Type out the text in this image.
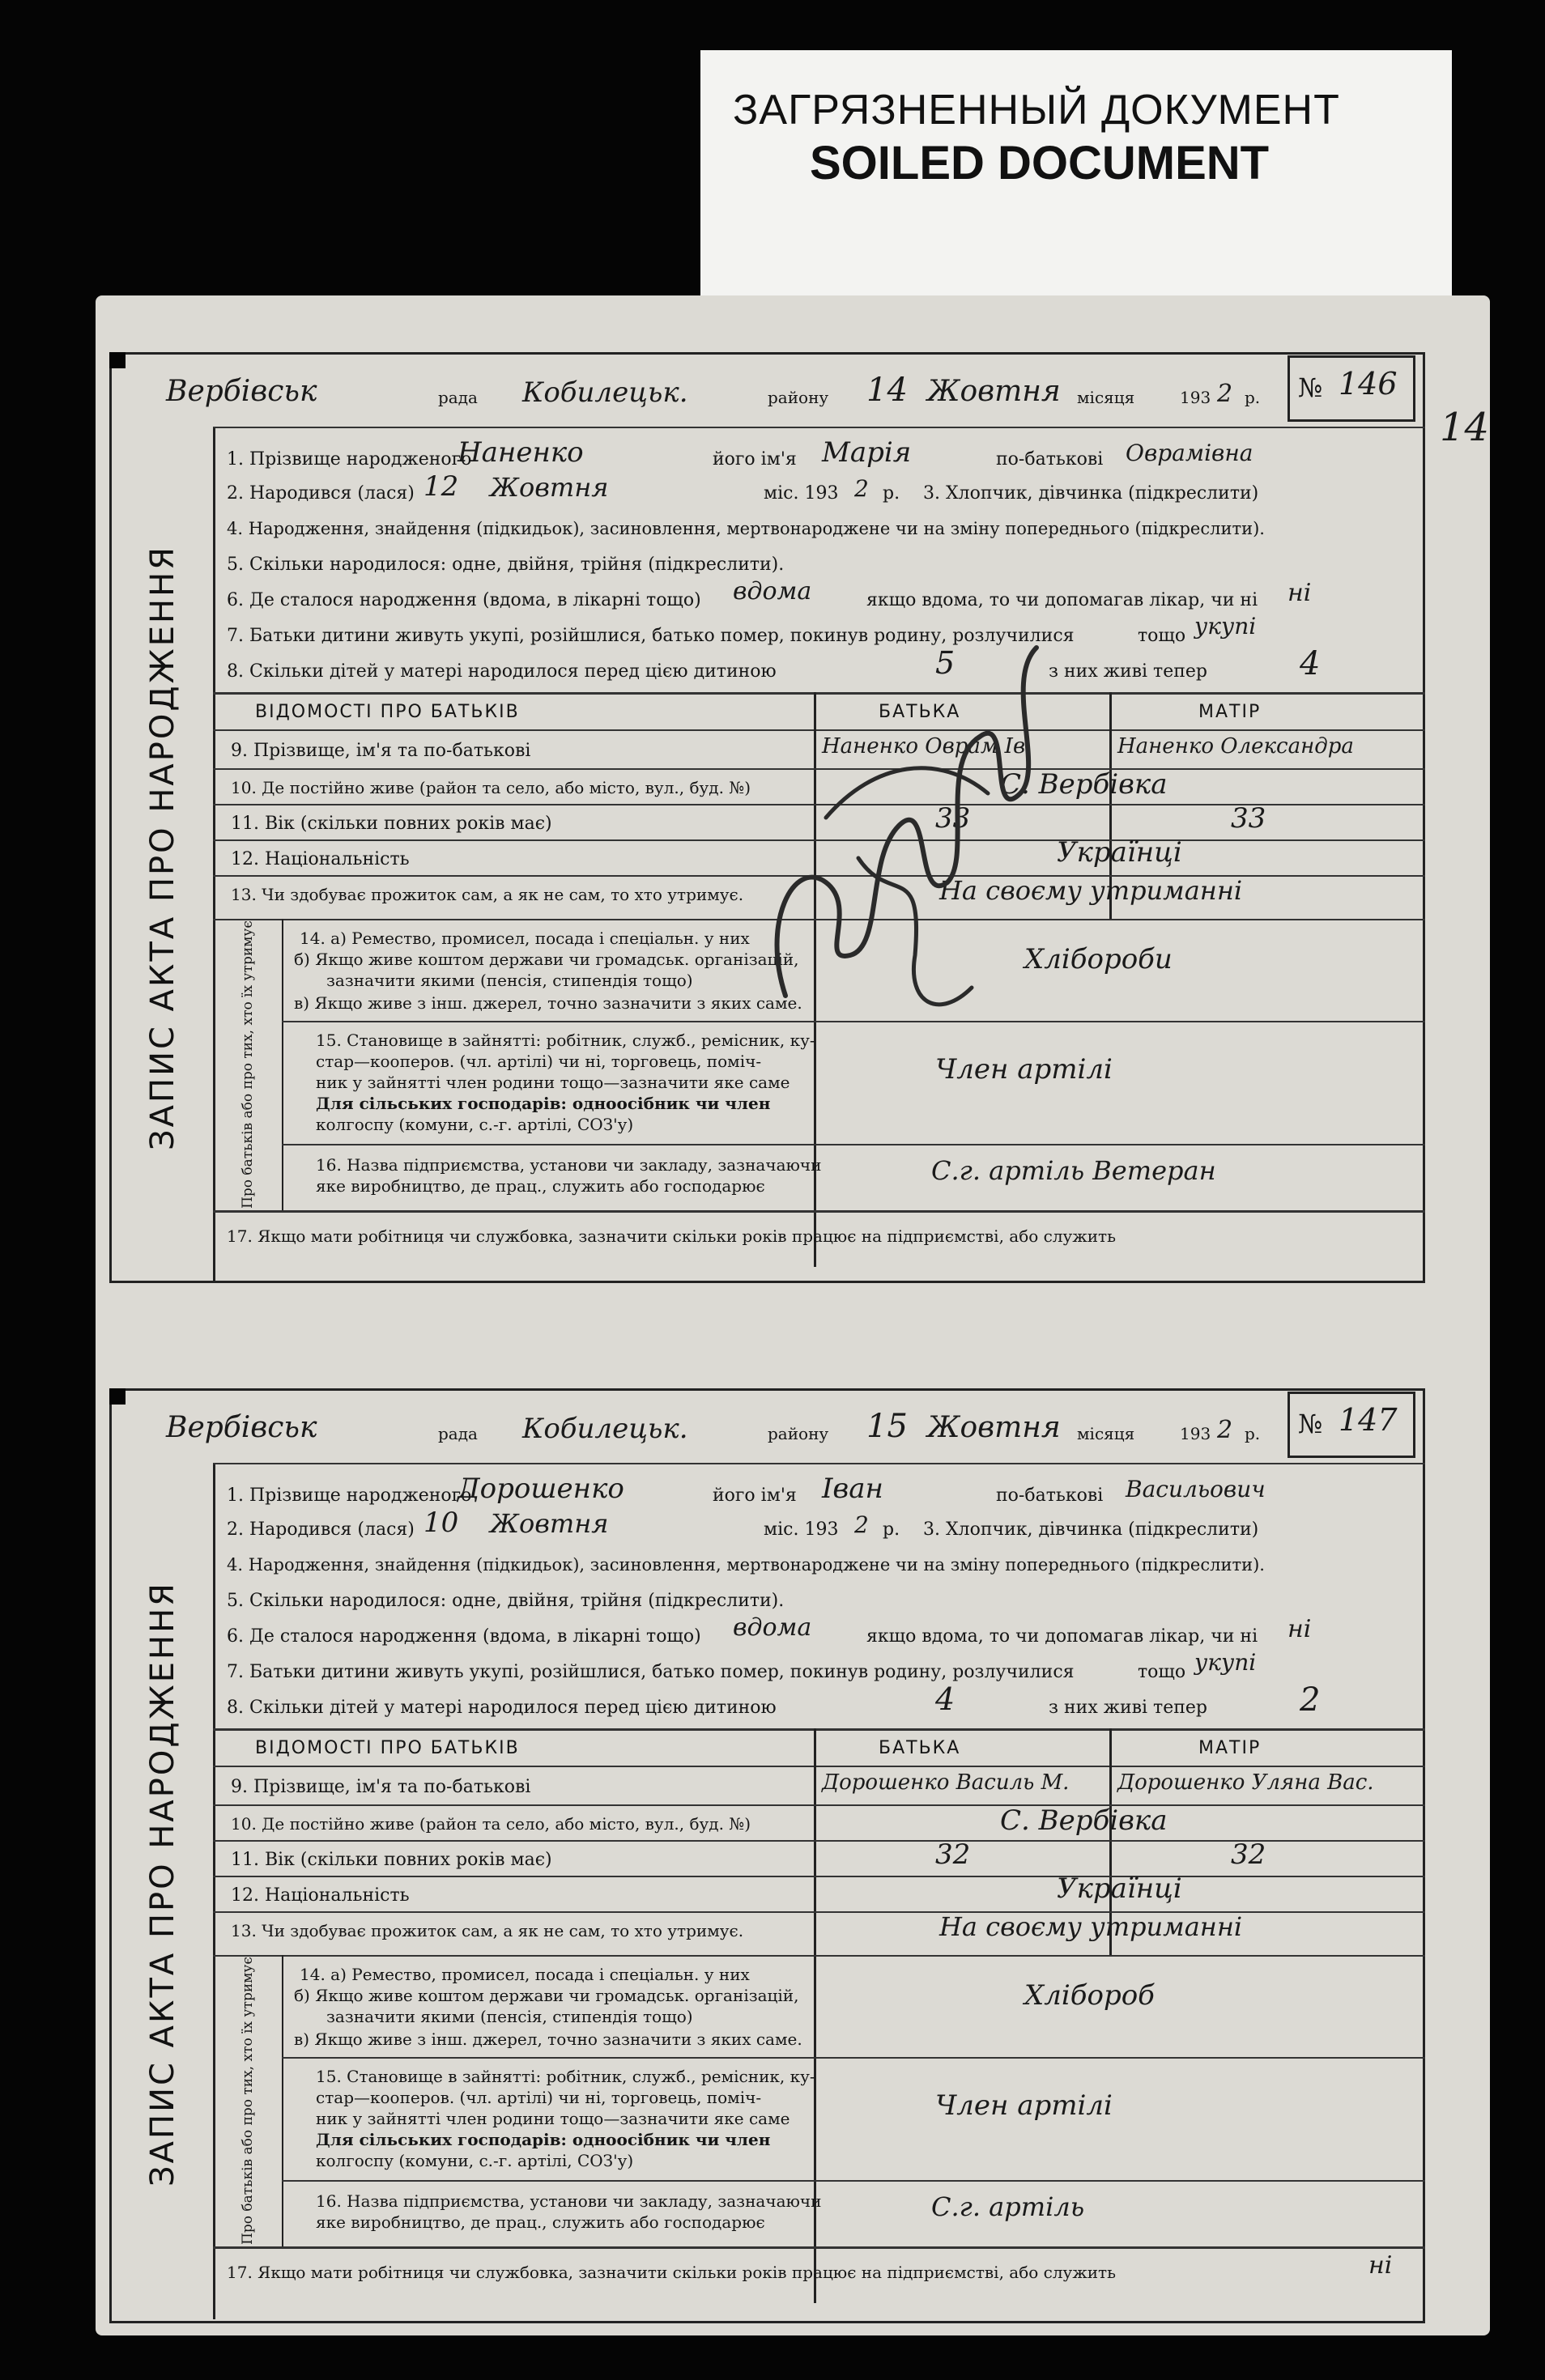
ЗАГРЯЗНЕННЫЙ ДОКУМЕНТ
SOILED DOCUMENT
14
Вербівськ	рада Кобилецьк.	району 14 Жовтня місяця	193 2 р. № 146
ЗАПИС АКТА ПРО НАРОДЖЕННЯ
1. Прізвище народженого
Наненко	його ім'я Марія	по-батькові Оврамівна
2. Народився (лася) 12 Жовтня	міс. 193 2 р. 3. Хлопчик, дівчинка (підкреслити)
4. Народження, знайдення (підкидьок), засиновлення, мертвонароджене чи на зміну попереднього (підкреслити).
5. Скільки народилося: одне, двійня, трійня (підкреслити).
6. Де сталося народження (вдома, в лікарні тощо) вдома	якщо вдома, то чи допомагав лікар, чи ні ні
7. Батьки дитини живуть укупі, розійшлися, батько помер, покинув родину, розлучилися	тощо укупі
8. Скільки дітей у матері народилося перед цією дитиною	5	з них живі тепер	4
ВІДОМОСТІ ПРО БАТЬКІВ	БАТЬКА	МАТІР
9. Прізвище, ім'я та по-батькові	Наненко Оврам Ів.	Наненко Олександра
10. Де постійно живе (район та село, або місто, вул., буд. №)	С. Вербівка
11. Вік (скільки повних років має)	33	33
12. Національність	Українці
13. Чи здобуває прожиток сам, а як не сам, то хто утримує.	На своєму утриманні
Про батьків або про тих, хто їх утримує	14. а) Ремество, промисел, посада і спеціальн. у них
б) Якщо живе коштом держави чи громадськ. організацій,
зазначити якими (пенсія, стипендія тощо)
в) Якщо живе з інш. джерел, точно зазначити з яких саме.
Хлібороби
15. Становище в зайнятті: робітник, служб., ремісник, ку-
стар—кооперов. (чл. артілі) чи ні, торговець, поміч-
ник у зайнятті член родини тощо—зазначити яке саме
Для сільських господарів: одноосібник чи член
колгоспу (комуни, с.-г. артілі, СОЗ'у)
Член артілі
16. Назва підприємства, установи чи закладу, зазначаючи
яке виробництво, де прац., служить або господарює	С.г. артіль Ветеран
17. Якщо мати робітниця чи службовка, зазначити скільки років працює на підприємстві, або служить
Вербівськ	рада Кобилецьк.	району 15 Жовтня місяця	193 2 р. № 147
ЗАПИС АКТА ПРО НАРОДЖЕННЯ
1. Прізвище народженого
Дорошенко	його ім'я Іван	по-батькові Васильович
2. Народився (лася) 10 Жовтня	міс. 193 2 р. 3. Хлопчик, дівчинка (підкреслити)
4. Народження, знайдення (підкидьок), засиновлення, мертвонароджене чи на зміну попереднього (підкреслити).
5. Скільки народилося: одне, двійня, трійня (підкреслити).
6. Де сталося народження (вдома, в лікарні тощо) вдома	якщо вдома, то чи допомагав лікар, чи ні ні
7. Батьки дитини живуть укупі, розійшлися, батько помер, покинув родину, розлучилися	тощо укупі
8. Скільки дітей у матері народилося перед цією дитиною	4	з них живі тепер	2
ВІДОМОСТІ ПРО БАТЬКІВ	БАТЬКА	МАТІР
9. Прізвище, ім'я та по-батькові	Дорошенко Василь М. Дорошенко Уляна Вас.
10. Де постійно живе (район та село, або місто, вул., буд. №)	С. Вербівка
11. Вік (скільки повних років має)	32	32
12. Національність	Українці
13. Чи здобуває прожиток сам, а як не сам, то хто утримує.	На своєму утриманні
Про батьків або про тих, хто їх утримує	14. а) Ремество, промисел, посада і спеціальн. у них
б) Якщо живе коштом держави чи громадськ. організацій,
зазначити якими (пенсія, стипендія тощо)
в) Якщо живе з інш. джерел, точно зазначити з яких саме.
Хлібороб
15. Становище в зайнятті: робітник, служб., ремісник, ку-
стар—кооперов. (чл. артілі) чи ні, торговець, поміч-
ник у зайнятті член родини тощо—зазначити яке саме
Для сільських господарів: одноосібник чи член
колгоспу (комуни, с.-г. артілі, СОЗ'у)
Член артілі
16. Назва підприємства, установи чи закладу, зазначаючи
яке виробництво, де прац., служить або господарює	С.г. артіль
17. Якщо мати робітниця чи службовка, зазначити скільки років працює на підприємстві, або служить	ні
